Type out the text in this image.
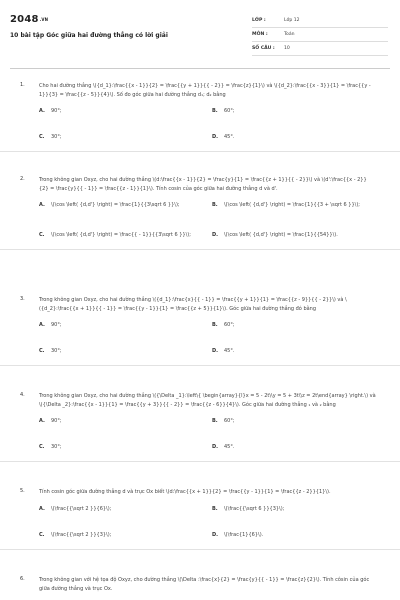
2048.VN
10 bài tập Góc giữa hai đường thẳng có lời giải
LỚP :	Lớp 12
MÔN :	Toán
SỐ CÂU :	10
1.	Cho hai đường thẳng \({d_1}:\frac{{x - 1}}{2} = \frac{{y + 1}}{{ - 2}} = \frac{z}{1}\) và \({d_2}:\frac{{x - 3}}{1} = \frac{{y - 1}}{3} = \frac{{z - 5}}{4}\). Số đo góc giữa hai đường thẳng d₁; d₂ bằng
A.	90°;	B.	60°;
C.	30°;	D.	45°.
2.	Trong không gian Oxyz, cho hai đường thẳng \(d:\frac{{x - 1}}{2} = \frac{y}{1} = \frac{{z + 1}}{{ - 2}}\) và \(d':\frac{{x - 2}}{2} = \frac{y}{{ - 1}} = \frac{{z - 1}}{1}\). Tính cosin của góc giữa hai đường thẳng d và d'.
A.	\(\cos \left( {d,d'} \right) = \frac{1}{{3\sqrt 6 }}\);	B.	\(\cos \left( {d,d'} \right) = \frac{1}{{3 + \sqrt 6 }}\);
C.	\(\cos \left( {d,d'} \right) = \frac{{ - 1}}{{3\sqrt 6 }}\);	D.	\(\cos \left( {d,d'} \right) = \frac{1}{{54}}\).
3.	Trong không gian Oxyz, cho hai đường thẳng \({d_1}:\frac{x}{{ - 1}} = \frac{{y + 1}}{1} = \frac{{z - 9}}{{ - 2}}\) và \({d_2}:\frac{{x + 1}}{{ - 1}} = \frac{{y - 1}}{1} = \frac{{z + 5}}{1}\). Góc giữa hai đường thẳng đó bằng
A.	90°;	B.	60°;
C.	30°;	D.	45°.
4.	Trong không gian Oxyz, cho hai đường thẳng \({\Delta _1}:\left\{ \begin{array}{l}x = 5 - 2t\\y = 5 + 3t\\z = 2t\end{array} \right.\) và \({\Delta _2}:\frac{{x - 1}}{1} = \frac{{y + 3}}{{ - 2}} = \frac{{z - 6}}{4}\). Góc giữa hai đường thẳng ₁ và ₂ bằng
A.	90°;	B.	60°;
C.	30°;	D.	45°.
5.	Tính cosin góc giữa đường thẳng d và trục Ox biết \(d:\frac{{x + 1}}{2} = \frac{{y - 1}}{1} = \frac{{z - 2}}{1}\).
A.	\(\frac{{\sqrt 2 }}{6}\);	B.	\(\frac{{\sqrt 6 }}{3}\);
C.	\(\frac{{\sqrt 2 }}{3}\);	D.	\(\frac{1}{6}\).
6.	Trong không gian với hệ tọa độ Oxyz, cho đường thẳng \(\Delta :\frac{x}{2} = \frac{y}{{ - 1}} = \frac{z}{2}\). Tính côsin của góc giữa đường thẳng và trục Ox.
